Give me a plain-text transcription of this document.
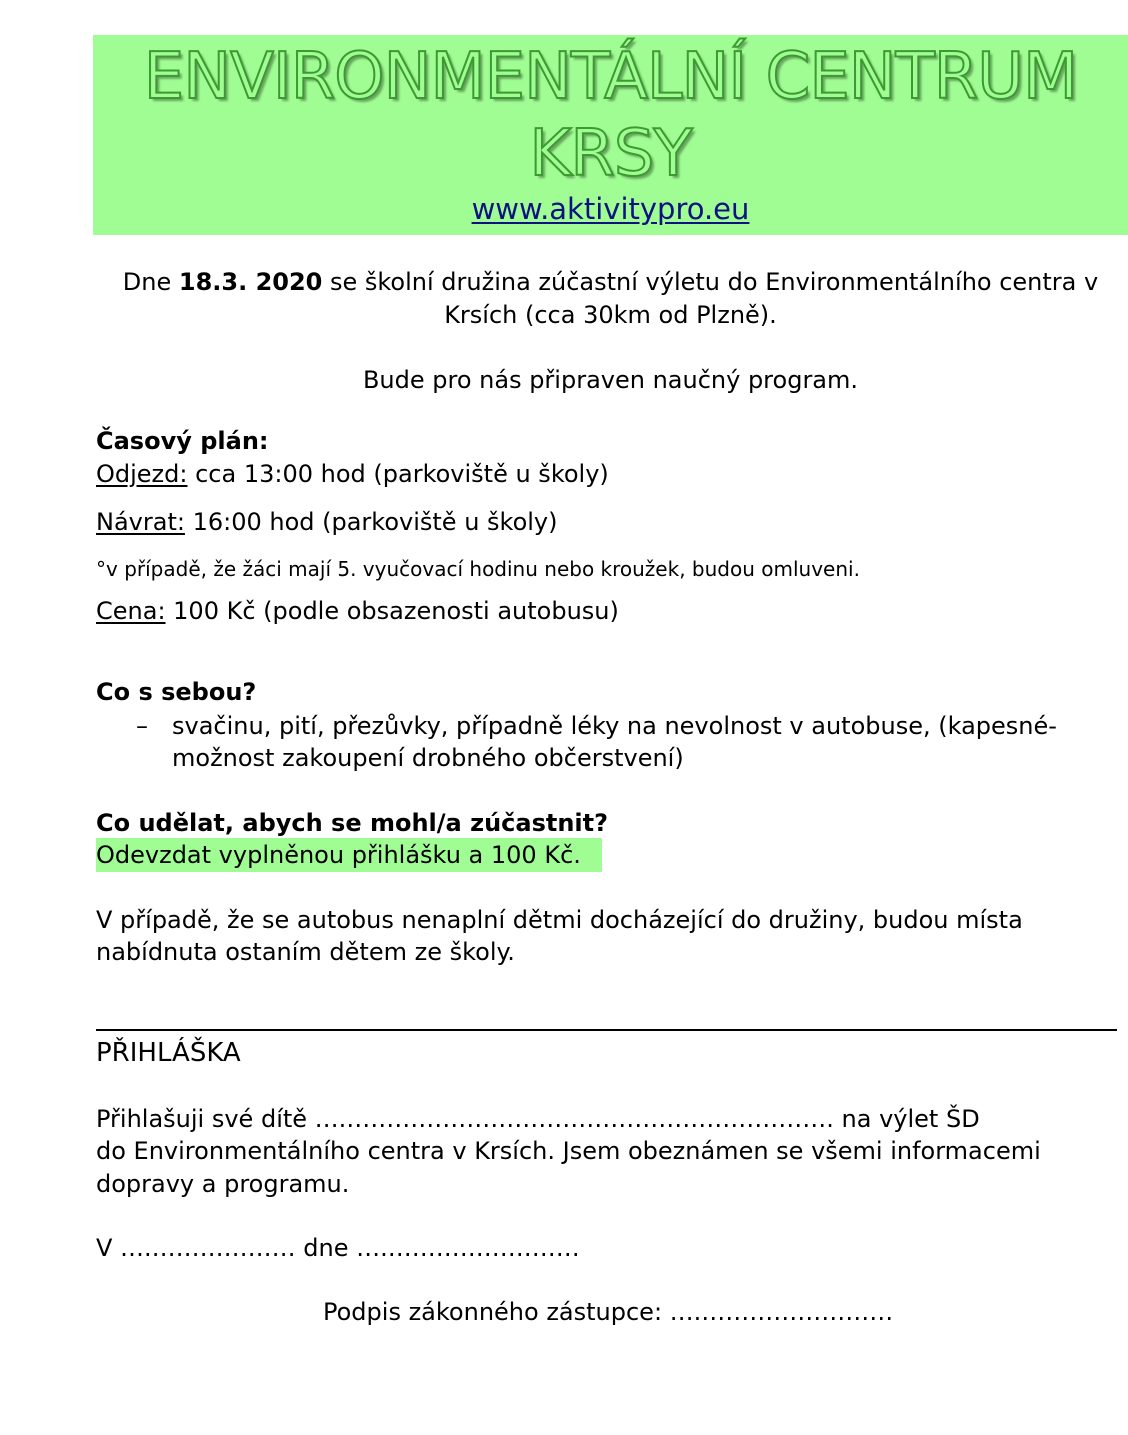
ENVIRONMENTÁLNÍ CENTRUM
KRSY
www.aktivitypro.eu
Dne 18.3. 2020 se školní družina zúčastní výletu do Environmentálního centra v
Krsích (cca 30km od Plzně).
Bude pro nás připraven naučný program.
Časový plán:
Odjezd: cca 13:00 hod (parkoviště u školy)
Návrat: 16:00 hod (parkoviště u školy)
°v případě, že žáci mají 5. vyučovací hodinu nebo kroužek, budou omluveni.
Cena: 100 Kč (podle obsazenosti autobusu)
Co s sebou?
– svačinu, pití, přezůvky, případně léky na nevolnost v autobuse, (kapesné-
možnost zakoupení drobného občerstvení)
Co udělat, abych se mohl/a zúčastnit?
Odevzdat vyplněnou přihlášku a 100 Kč.
V případě, že se autobus nenaplní dětmi docházející do družiny, budou místa
nabídnuta ostaním dětem ze školy.
PŘIHLÁŠKA
Přihlašuji své dítě ….……………………………………………………. na výlet ŠD
do Environmentálního centra v Krsích. Jsem obeznámen se všemi informacemi
dopravy a programu.
V ….……………… dne ….……………………
Podpis zákonného zástupce: ….……………………
